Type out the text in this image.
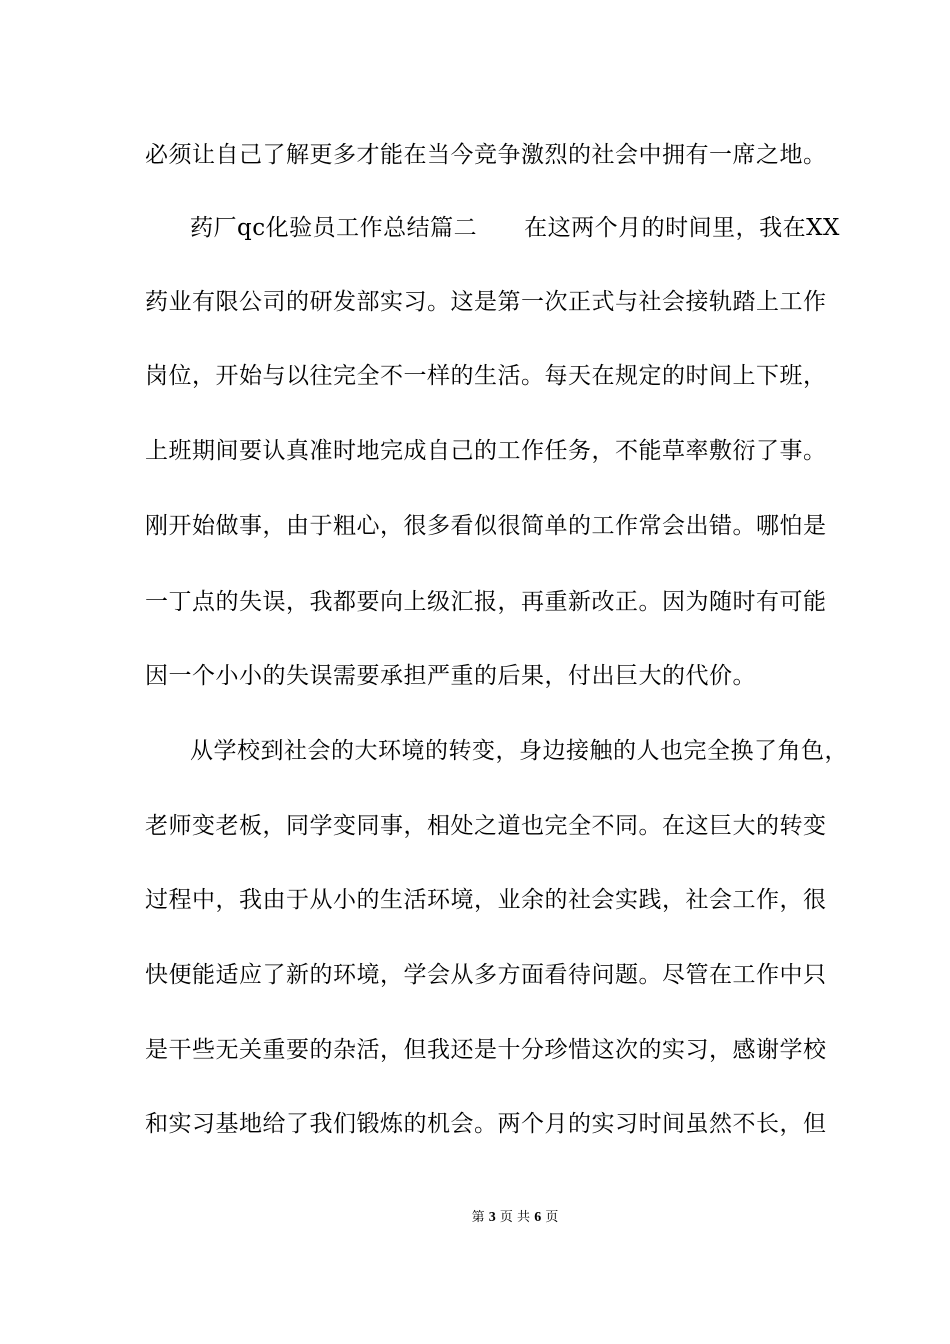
必须让自己了解更多才能在当今竞争激烈的社会中拥有一席之地。
药厂qc化验员工作总结篇二　　在这两个月的时间里，我在XX
药业有限公司的研发部实习。这是第一次正式与社会接轨踏上工作
岗位，开始与以往完全不一样的生活。每天在规定的时间上下班，
上班期间要认真准时地完成自己的工作任务，不能草率敷衍了事。
刚开始做事，由于粗心，很多看似很简单的工作常会出错。哪怕是
一丁点的失误，我都要向上级汇报，再重新改正。因为随时有可能
因一个小小的失误需要承担严重的后果，付出巨大的代价。
从学校到社会的大环境的转变，身边接触的人也完全换了角色，
老师变老板，同学变同事，相处之道也完全不同。在这巨大的转变
过程中，我由于从小的生活环境，业余的社会实践，社会工作，很
快便能适应了新的环境，学会从多方面看待问题。尽管在工作中只
是干些无关重要的杂活，但我还是十分珍惜这次的实习，感谢学校
和实习基地给了我们锻炼的机会。两个月的实习时间虽然不长，但
第 3 页 共 6 页
